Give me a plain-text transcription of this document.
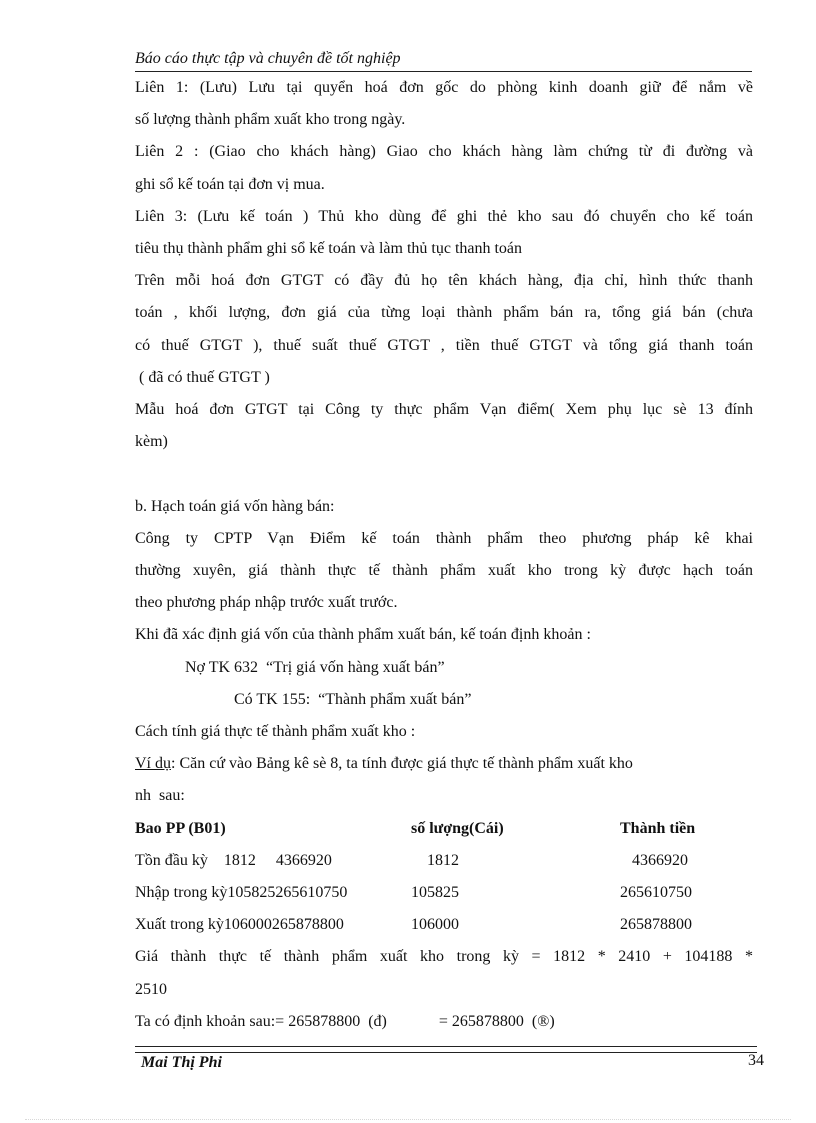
Báo cáo thực tập và chuyên đề tốt nghiệp

Liên 1: (Lưu) Lưu tại quyển hoá đơn gốc do phòng kinh doanh giữ để nắm về

số lượng thành phẩm xuất kho trong ngày.

Liên 2 : (Giao cho khách hàng) Giao cho khách hàng làm chứng từ đi đường và

ghi sổ kế toán tại đơn vị mua.

Liên 3: (Lưu kế toán ) Thủ kho dùng để ghi thẻ kho sau đó chuyển cho kế toán

tiêu thụ thành phẩm ghi sổ kế toán và làm thủ tục thanh toán

Trên mỗi hoá đơn GTGT có đầy đủ họ tên khách hàng, địa chỉ, hình thức thanh

toán , khối lượng, đơn giá của từng loại thành phẩm bán ra, tổng giá bán (chưa

có thuế GTGT ), thuế suất thuế GTGT , tiền thuế GTGT và tổng giá thanh toán

( đã có thuế GTGT )

Mẫu hoá đơn GTGT tại Công ty thực phẩm Vạn điểm( Xem phụ lục sè 13 đính

kèm)

b. Hạch toán giá vốn hàng bán:

Công ty CPTP Vạn Điểm kế toán thành phẩm theo phương pháp kê khai

thường xuyên, giá thành thực tế thành phẩm xuất kho trong kỳ được hạch toán

theo phương pháp nhập trước xuất trước.

Khi đã xác định giá vốn của thành phẩm xuất bán, kế toán định khoản :

Nợ TK 632  “Trị giá vốn hàng xuất bán”

Có TK 155:  “Thành phẩm xuất bán”

Cách tính giá thực tế thành phẩm xuất kho :

Ví dụ: Căn cứ vào Bảng kê sè 8, ta tính được giá thực tế thành phẩm xuất kho

nh  sau:

Bao PP (B01)	số lượng(Cái)	Thành tiền
Tồn đầu kỳ    1812     4366920	1812	4366920
Nhập trong kỳ105825265610750	105825	265610750
Xuất trong kỳ106000265878800	106000	265878800

Giá thành thực tế thành phẩm xuất kho trong kỳ = 1812 * 2410 + 104188 *

2510

Ta có định khoản sau:= 265878800  (đ)             = 265878800  (®)

Mai Thị Phi	34
